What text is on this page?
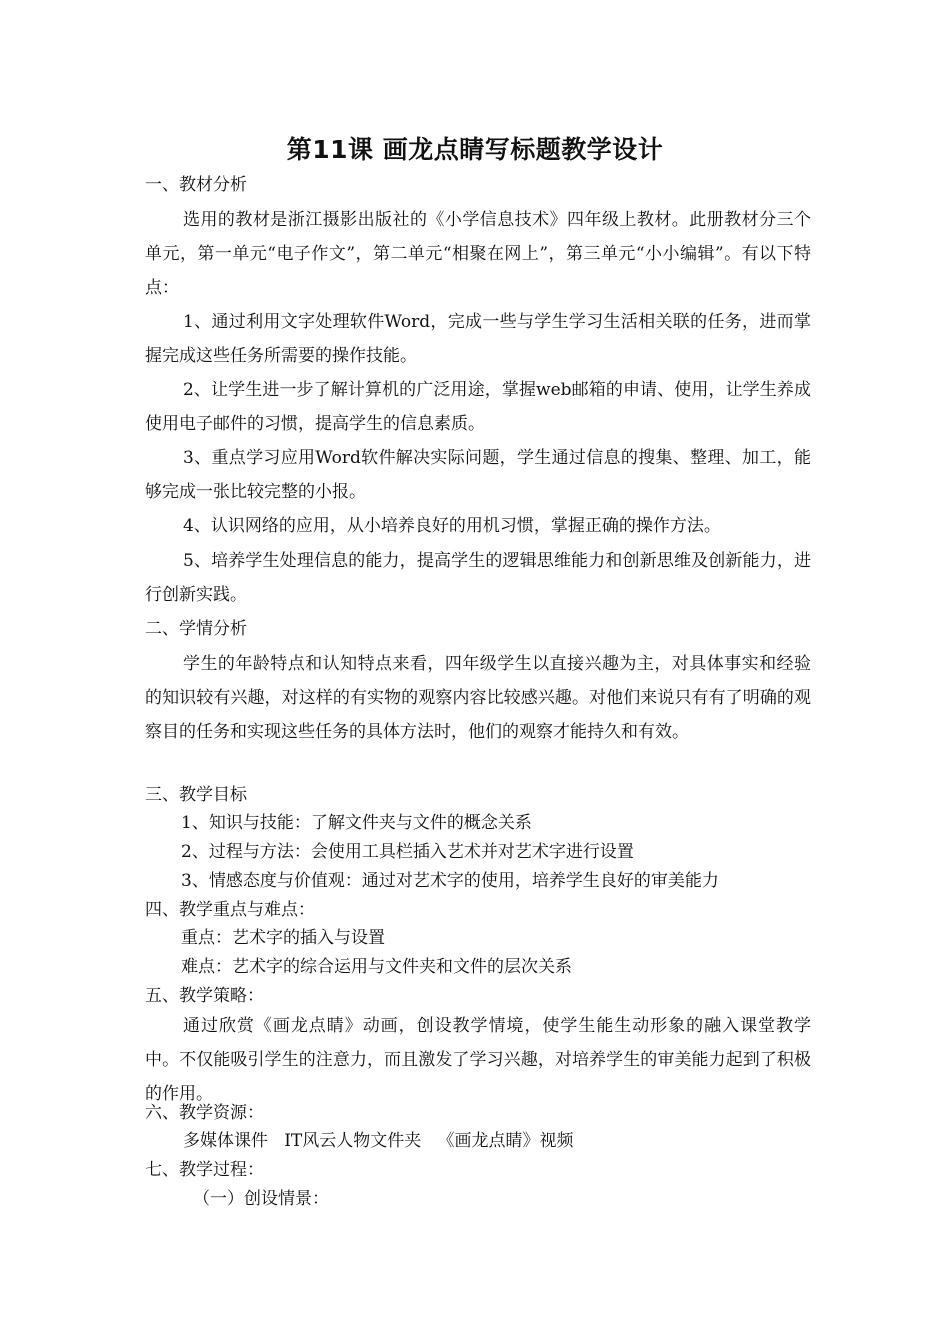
第11课 画龙点睛写标题教学设计
一、教材分析
选用的教材是浙江摄影出版社的《小学信息技术》四年级上教材。此册教材分三个单元，第一单元“电子作文”，第二单元“相聚在网上”，第三单元“小小编辑”。有以下特点：
1、通过利用文字处理软件Word，完成一些与学生学习生活相关联的任务，进而掌握完成这些任务所需要的操作技能。
2、让学生进一步了解计算机的广泛用途，掌握web邮箱的申请、使用，让学生养成使用电子邮件的习惯，提高学生的信息素质。
3、重点学习应用Word软件解决实际问题，学生通过信息的搜集、整理、加工，能够完成一张比较完整的小报。
4、认识网络的应用，从小培养良好的用机习惯，掌握正确的操作方法。
5、培养学生处理信息的能力，提高学生的逻辑思维能力和创新思维及创新能力，进行创新实践。
二、学情分析
学生的年龄特点和认知特点来看，四年级学生以直接兴趣为主，对具体事实和经验的知识较有兴趣，对这样的有实物的观察内容比较感兴趣。对他们来说只有有了明确的观察目的任务和实现这些任务的具体方法时，他们的观察才能持久和有效。
三、教学目标
1、知识与技能：了解文件夹与文件的概念关系
2、过程与方法：会使用工具栏插入艺术并对艺术字进行设置
3、情感态度与价值观：通过对艺术字的使用，培养学生良好的审美能力
四、教学重点与难点：
重点：艺术字的插入与设置
难点：艺术字的综合运用与文件夹和文件的层次关系
五、教学策略：
通过欣赏《画龙点睛》动画，创设教学情境，使学生能生动形象的融入课堂教学中。不仅能吸引学生的注意力，而且激发了学习兴趣，对培养学生的审美能力起到了积极的作用。
六、教学资源：
多媒体课件   IT风云人物文件夹   《画龙点睛》视频
七、教学过程：
（一）创设情景：
